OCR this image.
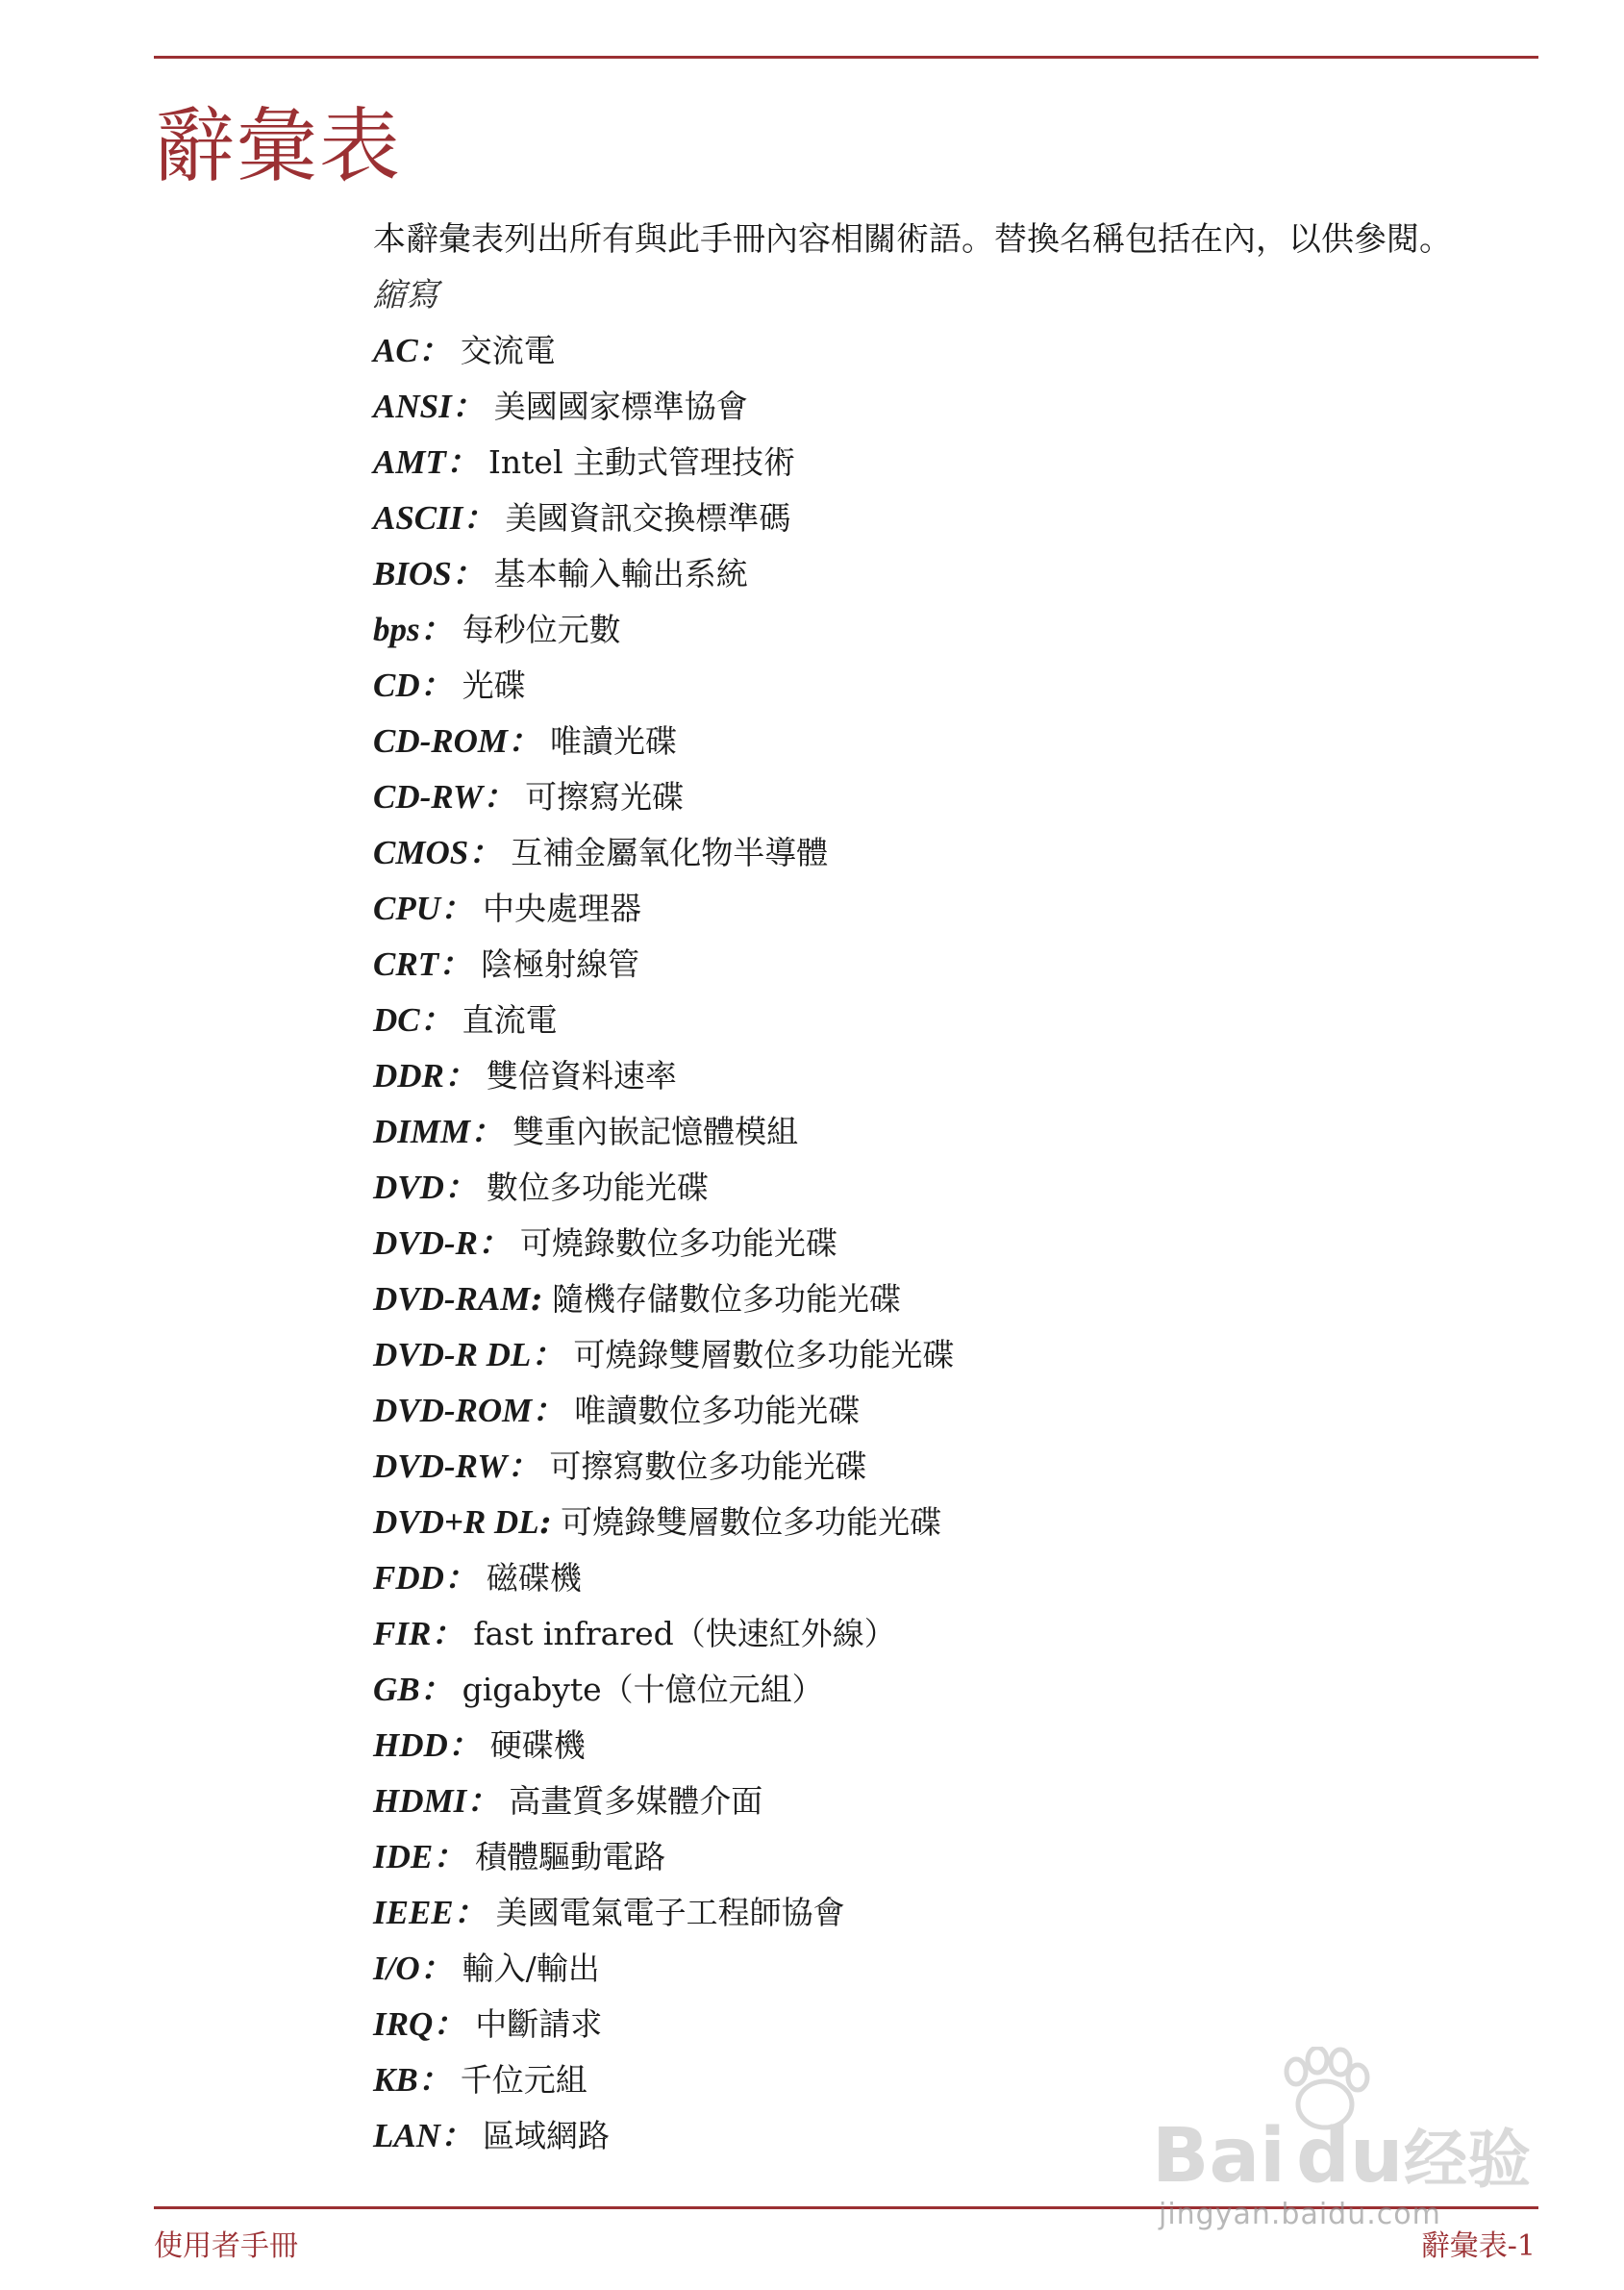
辭彙表

本辭彙表列出所有與此手冊內容相關術語。替換名稱包括在內，以供參閱。

縮寫

AC： 交流電
ANSI： 美國國家標準協會
AMT： Intel 主動式管理技術
ASCII： 美國資訊交換標準碼
BIOS： 基本輸入輸出系統
bps： 每秒位元數
CD： 光碟
CD-ROM： 唯讀光碟
CD-RW： 可擦寫光碟
CMOS： 互補金屬氧化物半導體
CPU： 中央處理器
CRT： 陰極射線管
DC： 直流電
DDR： 雙倍資料速率
DIMM： 雙重內嵌記憶體模組
DVD： 數位多功能光碟
DVD-R： 可燒錄數位多功能光碟
DVD-RAM: 隨機存儲數位多功能光碟
DVD-R DL： 可燒錄雙層數位多功能光碟
DVD-ROM： 唯讀數位多功能光碟
DVD-RW： 可擦寫數位多功能光碟
DVD+R DL: 可燒錄雙層數位多功能光碟
FDD： 磁碟機
FIR： fast infrared（快速紅外線）
GB： gigabyte（十億位元組）
HDD： 硬碟機
HDMI： 高畫質多媒體介面
IDE： 積體驅動電路
IEEE： 美國電氣電子工程師協會
I/O： 輸入/輸出
IRQ： 中斷請求
KB： 千位元組
LAN： 區域網路
使用者手冊	辭彙表-1
Bai du 经验
jingyan.baidu.com
